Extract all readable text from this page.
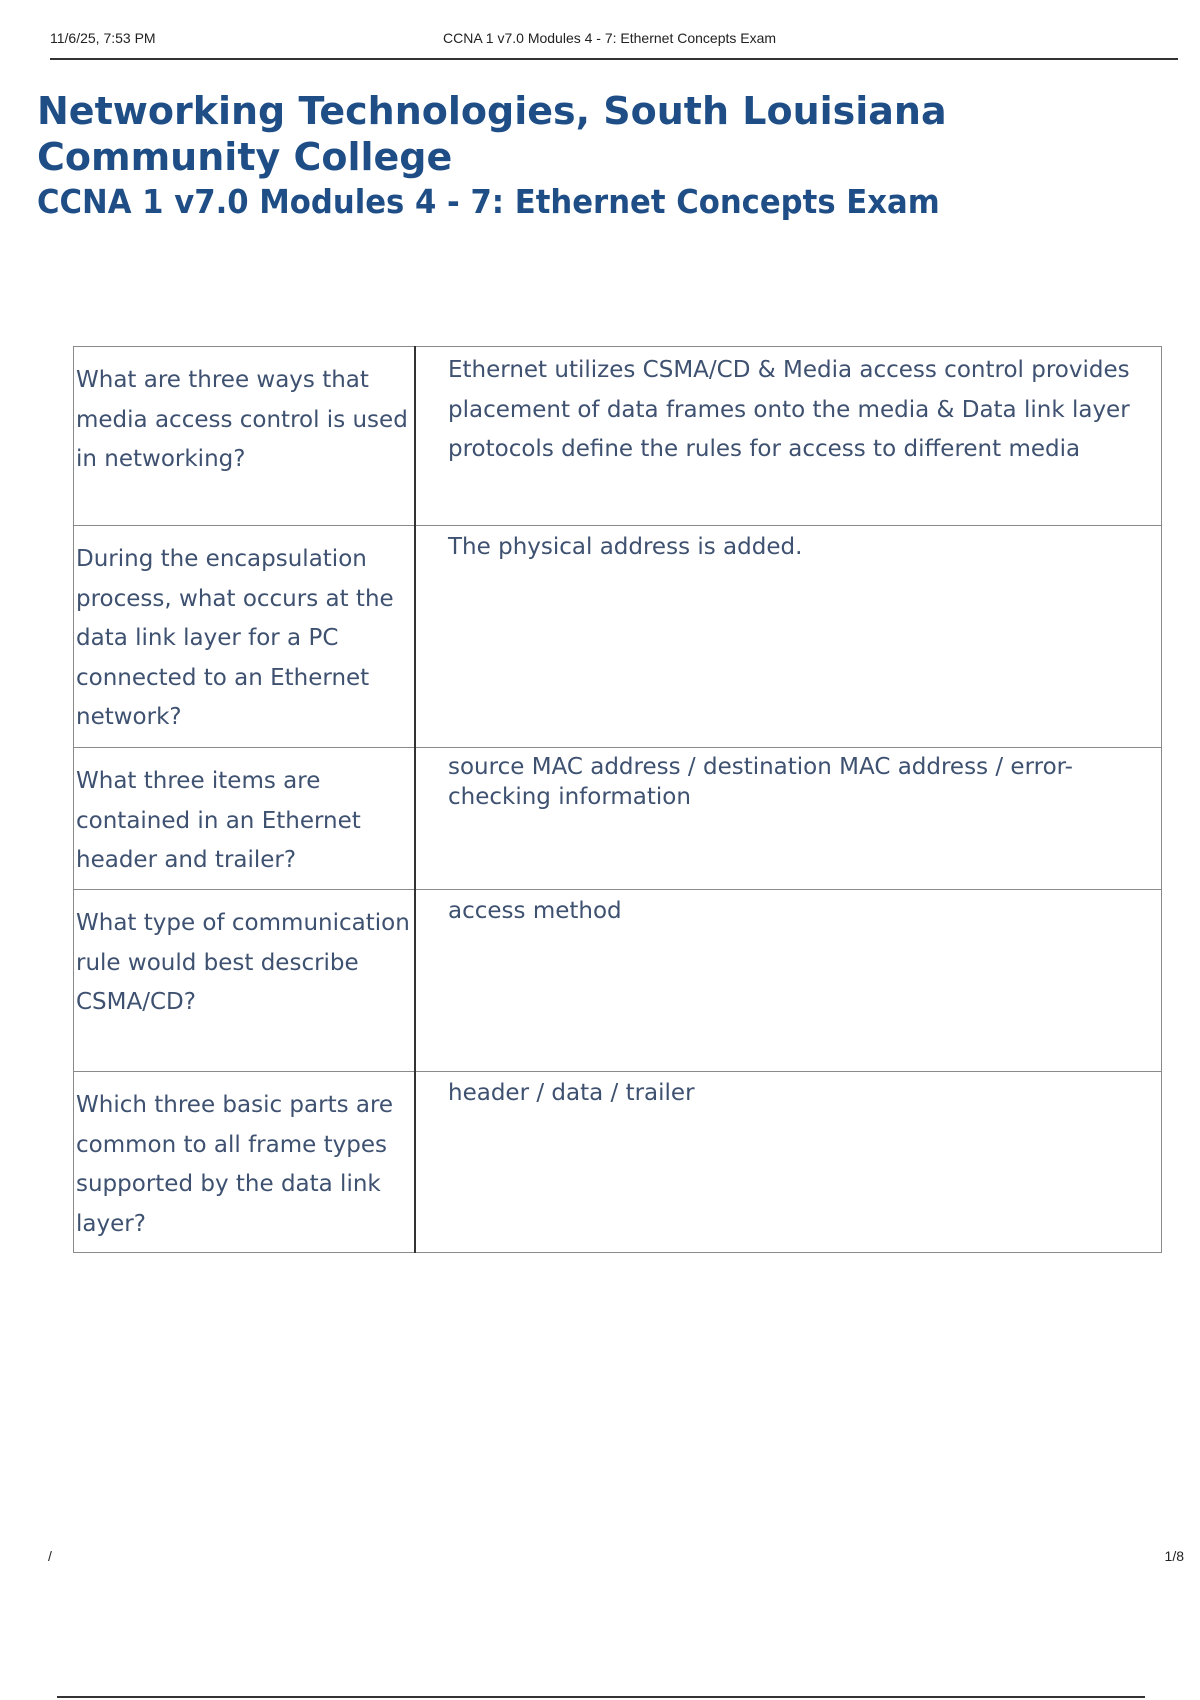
11/6/25, 7:53 PM	CCNA 1 v7.0 Modules 4 - 7: Ethernet Concepts Exam
Networking Technologies, South Louisiana Community College
CCNA 1 v7.0 Modules 4 - 7: Ethernet Concepts Exam
What are three ways that media access control is used in networking?	Ethernet utilizes CSMA/CD & Media access control provides placement of data frames onto the media & Data link layer protocols define the rules for access to different media
During the encapsulation process, what occurs at the data link layer for a PC connected to an Ethernet network?	The physical address is added.
What three items are contained in an Ethernet header and trailer?	source MAC address / destination MAC address / error-checking information
What type of communication rule would best describe CSMA/CD?	access method
Which three basic parts are common to all frame types supported by the data link layer?	header / data / trailer
/	1/8
